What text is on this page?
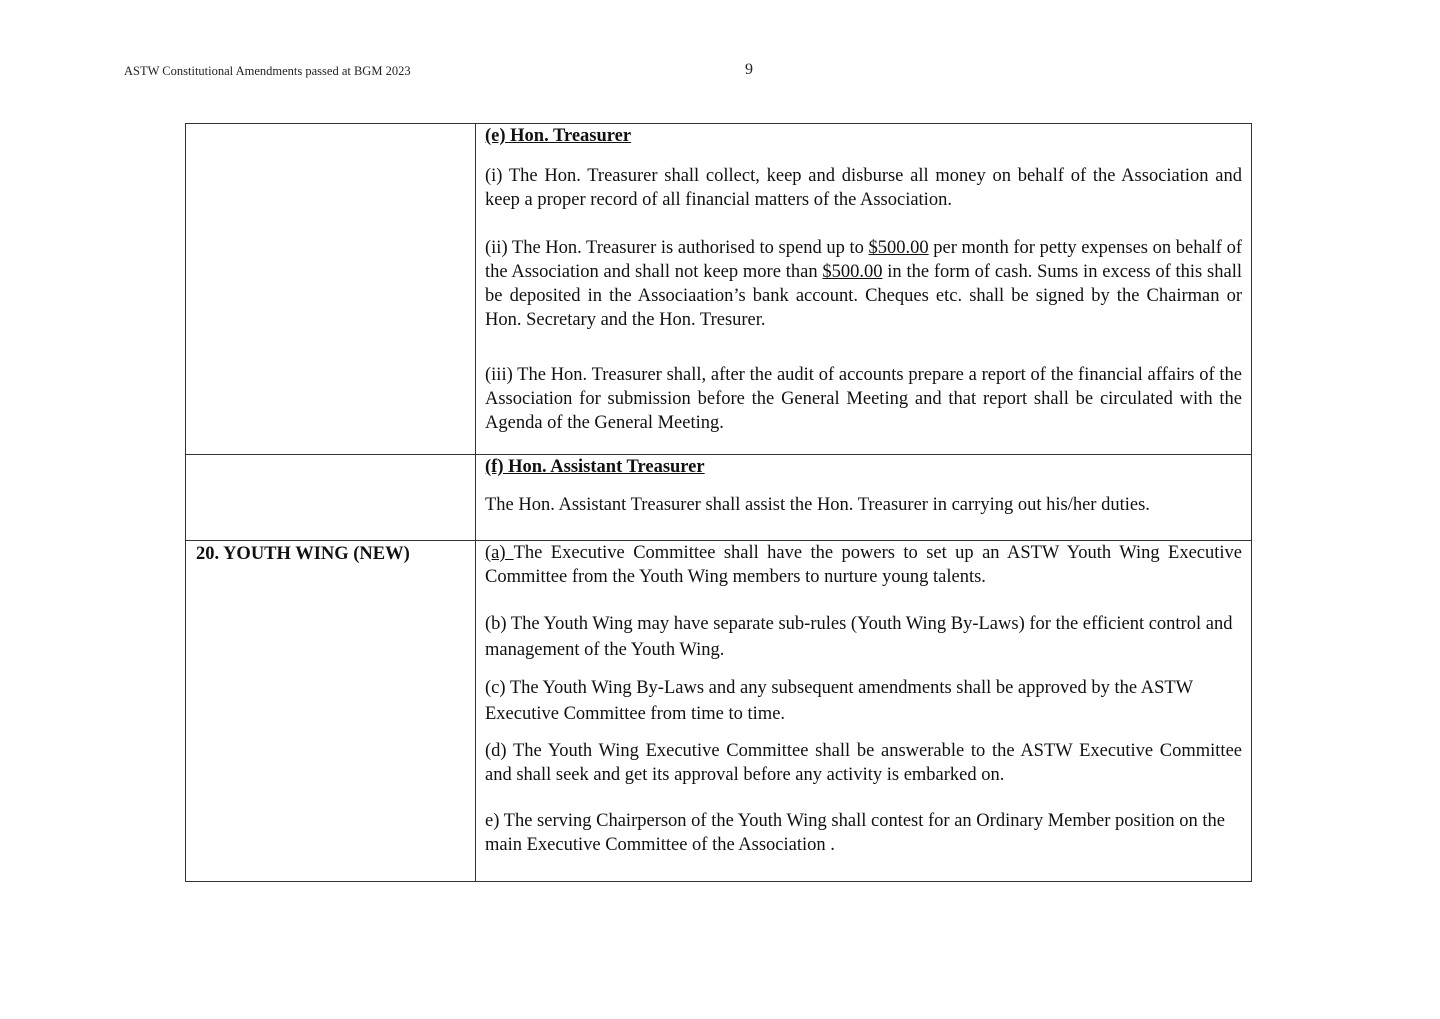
ASTW Constitutional Amendments passed at BGM 2023	9

	(e) Hon. Treasurer

(i) The Hon. Treasurer shall collect, keep and disburse all money on behalf of the Association and keep a proper record of all financial matters of the Association.

(ii) The Hon. Treasurer is authorised to spend up to $500.00 per month for petty expenses on behalf of the Association and shall not keep more than $500.00 in the form of cash. Sums in excess of this shall be deposited in the Associaation’s bank account. Cheques etc. shall be signed by the Chairman or Hon. Secretary and the Hon. Tresurer.

(iii) The Hon. Treasurer shall, after the audit of accounts prepare a report of the financial affairs of the Association for submission before the General Meeting and that report shall be circulated with the Agenda of the General Meeting.

	(f) Hon. Assistant Treasurer

The Hon. Assistant Treasurer shall assist the Hon. Treasurer in carrying out his/her duties.

20. YOUTH WING (NEW)	(a) The Executive Committee shall have the powers to set up an ASTW Youth Wing Executive Committee from the Youth Wing members to nurture young talents.

(b) The Youth Wing may have separate sub-rules (Youth Wing By-Laws) for the efficient control and management of the Youth Wing.

(c) The Youth Wing By-Laws and any subsequent amendments shall be approved by the ASTW Executive Committee from time to time.

(d) The Youth Wing Executive Committee shall be answerable to the ASTW Executive Committee and shall seek and get its approval before any activity is embarked on.

e) The serving Chairperson of the Youth Wing shall contest for an Ordinary Member position on the main Executive Committee of the Association .
